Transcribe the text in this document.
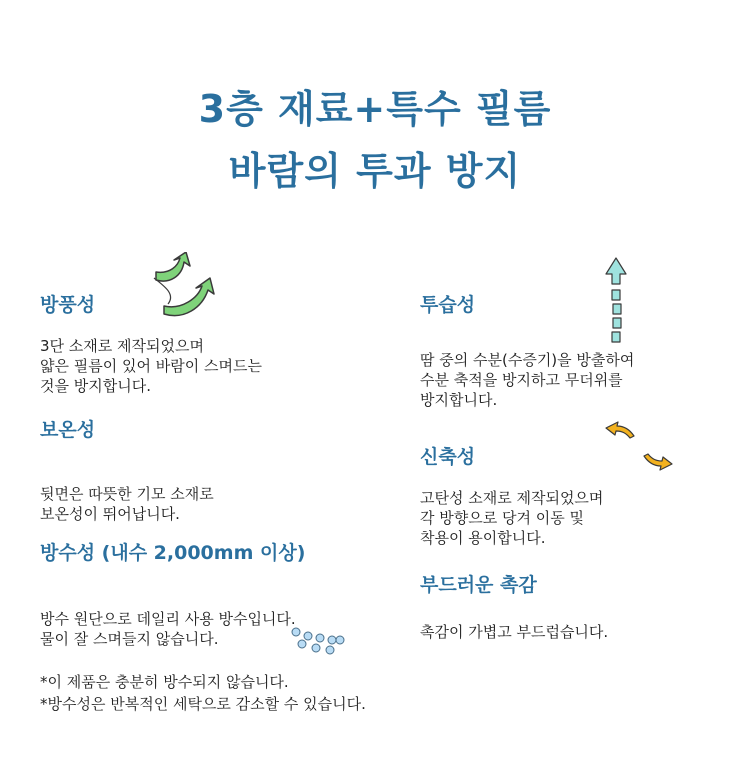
3층 재료+특수 필름
바람의 투과 방지
방풍성
3단 소재로 제작되었으며
얇은 필름이 있어 바람이 스며드는
것을 방지합니다.
보온성
뒷면은 따뜻한 기모 소재로
보온성이 뛰어납니다.
방수성 (내수 2,000mm 이상)
방수 원단으로 데일리 사용 방수입니다.
물이 잘 스며들지 않습니다.
투습성
땀 중의 수분(수증기)을 방출하여
수분 축적을 방지하고 무더위를
방지합니다.
신축성
고탄성 소재로 제작되었으며
각 방향으로 당겨 이동 및
착용이 용이합니다.
부드러운 촉감
촉감이 가볍고 부드럽습니다.
*이 제품은 충분히 방수되지 않습니다.
*방수성은 반복적인 세탁으로 감소할 수 있습니다.
